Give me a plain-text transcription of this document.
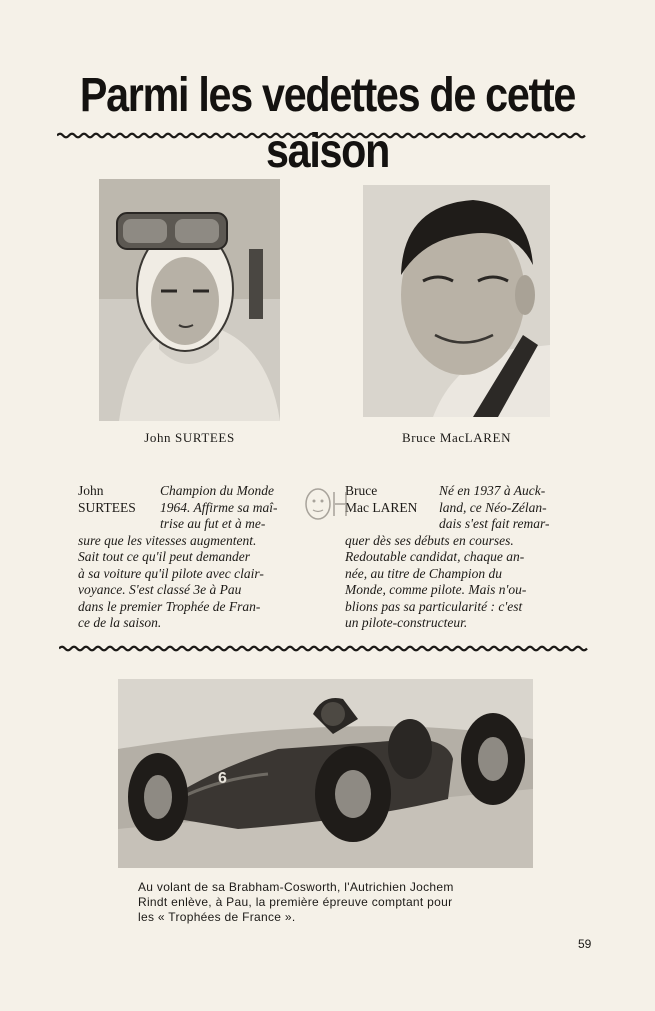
Parmi les vedettes de cette saison
John SURTEES	Bruce MacLAREN
John
SURTEES
Champion du Monde
1964. Affirme sa maî-
trise au fut et à me-
sure que les vitesses augmentent.
Sait tout ce qu'il peut demander
à sa voiture qu'il pilote avec clair-
voyance. S'est classé 3e à Pau
dans le premier Trophée de Fran-
ce de la saison.
Bruce
Mac LAREN
Né en 1937 à Auck-
land, ce Néo-Zélan-
dais s'est fait remar-
quer dès ses débuts en courses.
Redoutable candidat, chaque an-
née, au titre de Champion du
Monde, comme pilote. Mais n'ou-
blions pas sa particularité : c'est
un pilote-constructeur.
6
Au volant de sa Brabham-Cosworth, l'Autrichien Jochem
Rindt enlève, à Pau, la première épreuve comptant pour
les « Trophées de France ».
59
